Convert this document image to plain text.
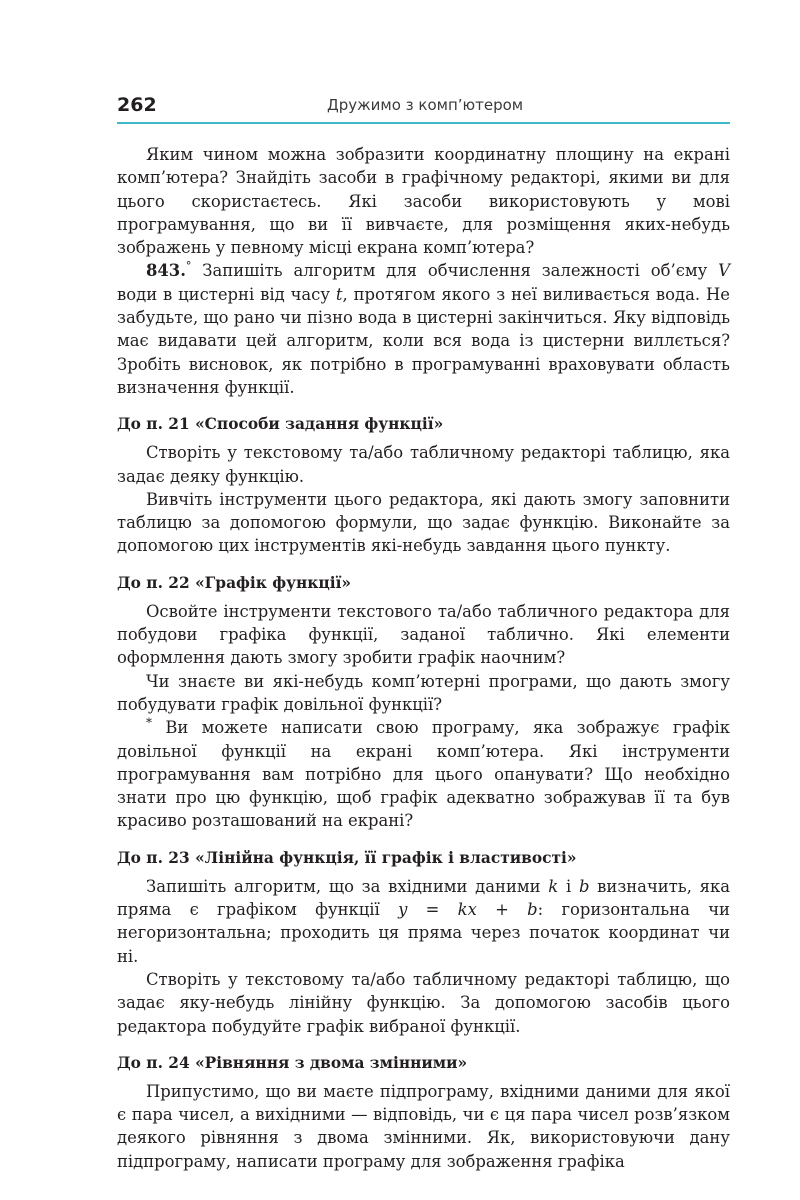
262	Дружимо з комп’ютером

Яким чином можна зобразити координатну площину на екрані комп’ютера? Знайдіть засоби в графічному редакторі, якими ви для цього скористаєтесь. Які засоби використовують у мові програмування, що ви її вивчаєте, для розміщення яких-небудь зображень у певному місці екрана комп’ютера?

843.° Запишіть алгоритм для обчислення залежності об’єму V води в цистерні від часу t, протягом якого з неї виливається вода. Не забудьте, що рано чи пізно вода в цистерні закінчиться. Яку відповідь має видавати цей алгоритм, коли вся вода із цистерни виллється? Зробіть висновок, як потрібно в програмуванні враховувати область визначення функції.

До п. 21 «Способи задання функції»

Створіть у текстовому та/або табличному редакторі таблицю, яка задає деяку функцію.

Вивчіть інструменти цього редактора, які дають змогу заповнити таблицю за допомогою формули, що задає функцію. Виконайте за допомогою цих інструментів які-небудь завдання цього пункту.

До п. 22 «Графік функції»

Освойте інструменти текстового та/або табличного редактора для побудови графіка функції, заданої таблично. Які елементи оформлення дають змогу зробити графік наочним?

Чи знаєте ви які-небудь комп’ютерні програми, що дають змогу побудувати графік довільної функції?

* Ви можете написати свою програму, яка зображує графік довільної функції на екрані комп’ютера. Які інструменти програмування вам потрібно для цього опанувати? Що необхідно знати про цю функцію, щоб графік адекватно зображував її та був красиво розташований на екрані?

До п. 23 «Лінійна функція, її графік і властивості»

Запишіть алгоритм, що за вхідними даними k і b визначить, яка пряма є графіком функції y = kx + b: горизонтальна чи негоризонтальна; проходить ця пряма через початок координат чи ні.

Створіть у текстовому та/або табличному редакторі таблицю, що задає яку-небудь лінійну функцію. За допомогою засобів цього редактора побудуйте графік вибраної функції.

До п. 24 «Рівняння з двома змінними»

Припустимо, що ви маєте підпрограму, вхідними даними для якої є пара чисел, а вихідними — відповідь, чи є ця пара чисел розв’язком деякого рівняння з двома змінними. Як, використовуючи дану підпрограму, написати програму для зображення графіка
